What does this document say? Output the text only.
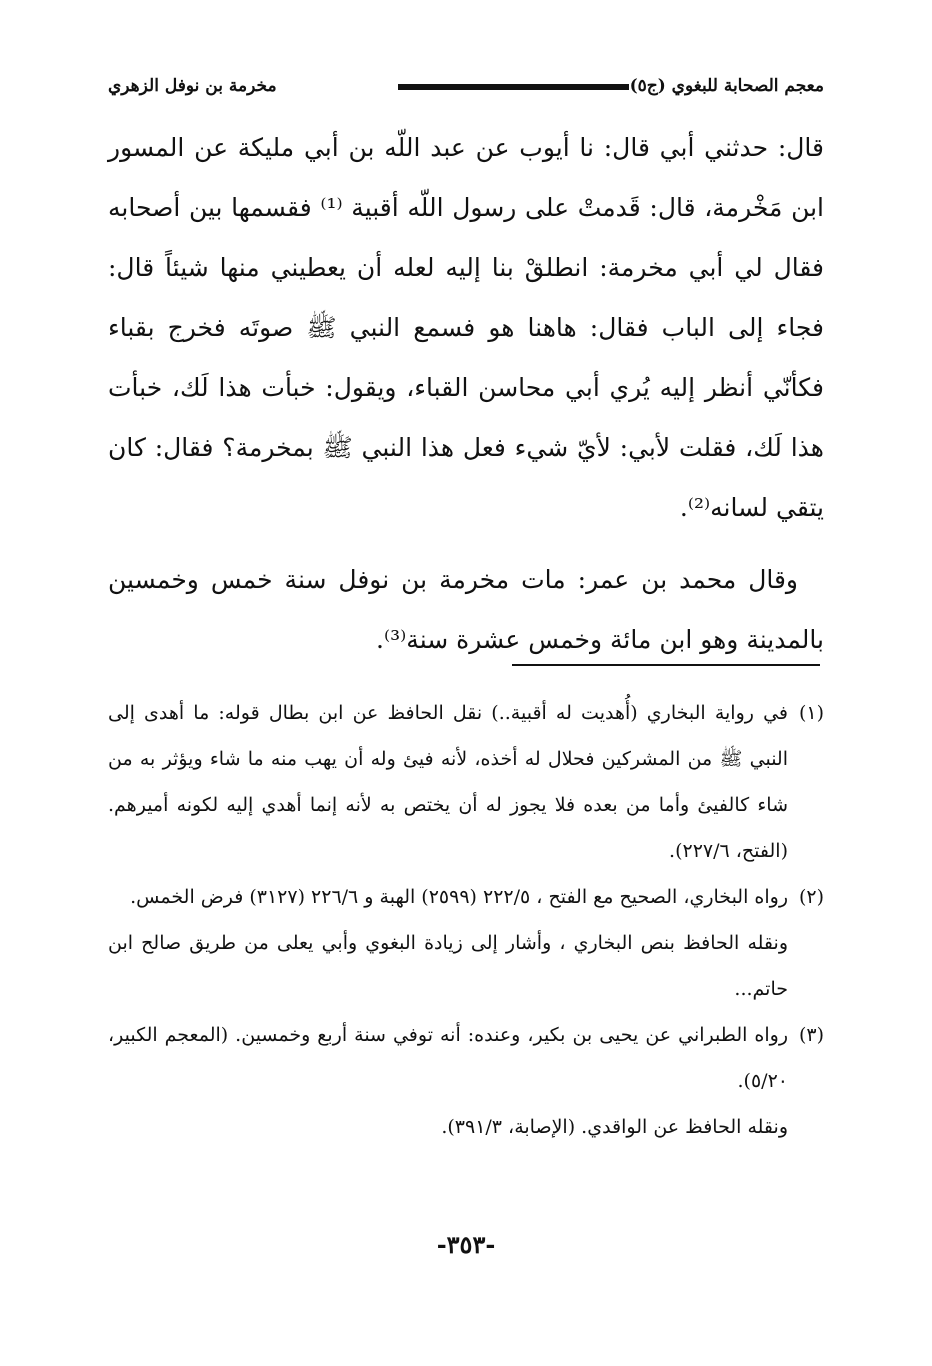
معجم الصحابة للبغوي (ج٥)
مخرمة بن نوفل الزهري

قال: حدثني أبي قال: نا أيوب عن عبد اللّه بن أبي مليكة عن المسور ابن مَخْرمة، قال: قَدمتْ على رسول اللّه أقبية ⁽¹⁾ فقسمها بين أصحابه فقال لي أبي مخرمة: انطلقْ بنا إليه لعله أن يعطيني منها شيئاً قال: فجاء إلى الباب فقال: هاهنا هو فسمع النبي ﷺ صوتَه فخرج بقباء فكأنّي أنظر إليه يُري أبي محاسن القباء، ويقول: خبأت هذا لَك، خبأت هذا لَك، فقلت لأبي: لأيّ شيء فعل هذا النبي ﷺ بمخرمة؟ فقال: كان يتقي لسانه⁽²⁾.

وقال محمد بن عمر: مات مخرمة بن نوفل سنة خمس وخمسين بالمدينة وهو ابن مائة وخمس عشرة سنة⁽³⁾.

(١)
في رواية البخاري (أُهديت له أقبية..) نقل الحافظ عن ابن بطال قوله: ما أهدى إلى النبي ﷺ من المشركين فحلال له أخذه، لأنه فيئ وله أن يهب منه ما شاء ويؤثر به من شاء كالفيئ وأما من بعده فلا يجوز له أن يختص به لأنه إنما أهدي إليه لكونه أميرهم. (الفتح، ٢٢٧/٦).
(٢)
رواه البخاري، الصحيح مع الفتح ، ٢٢٢/٥ (٢٥٩٩) الهبة و ٢٢٦/٦ (٣١٢٧) فرض الخمس.
ونقله الحافظ بنص البخاري ، وأشار إلى زيادة البغوي وأبي يعلى من طريق صالح ابن حاتم...
(٣)
رواه الطبراني عن يحيى بن بكير، وعنده: أنه توفي سنة أربع وخمسين. (المعجم الكبير، ٥/٢٠).
ونقله الحافظ عن الواقدي. (الإصابة، ٣٩١/٣).
-٣٥٣-
